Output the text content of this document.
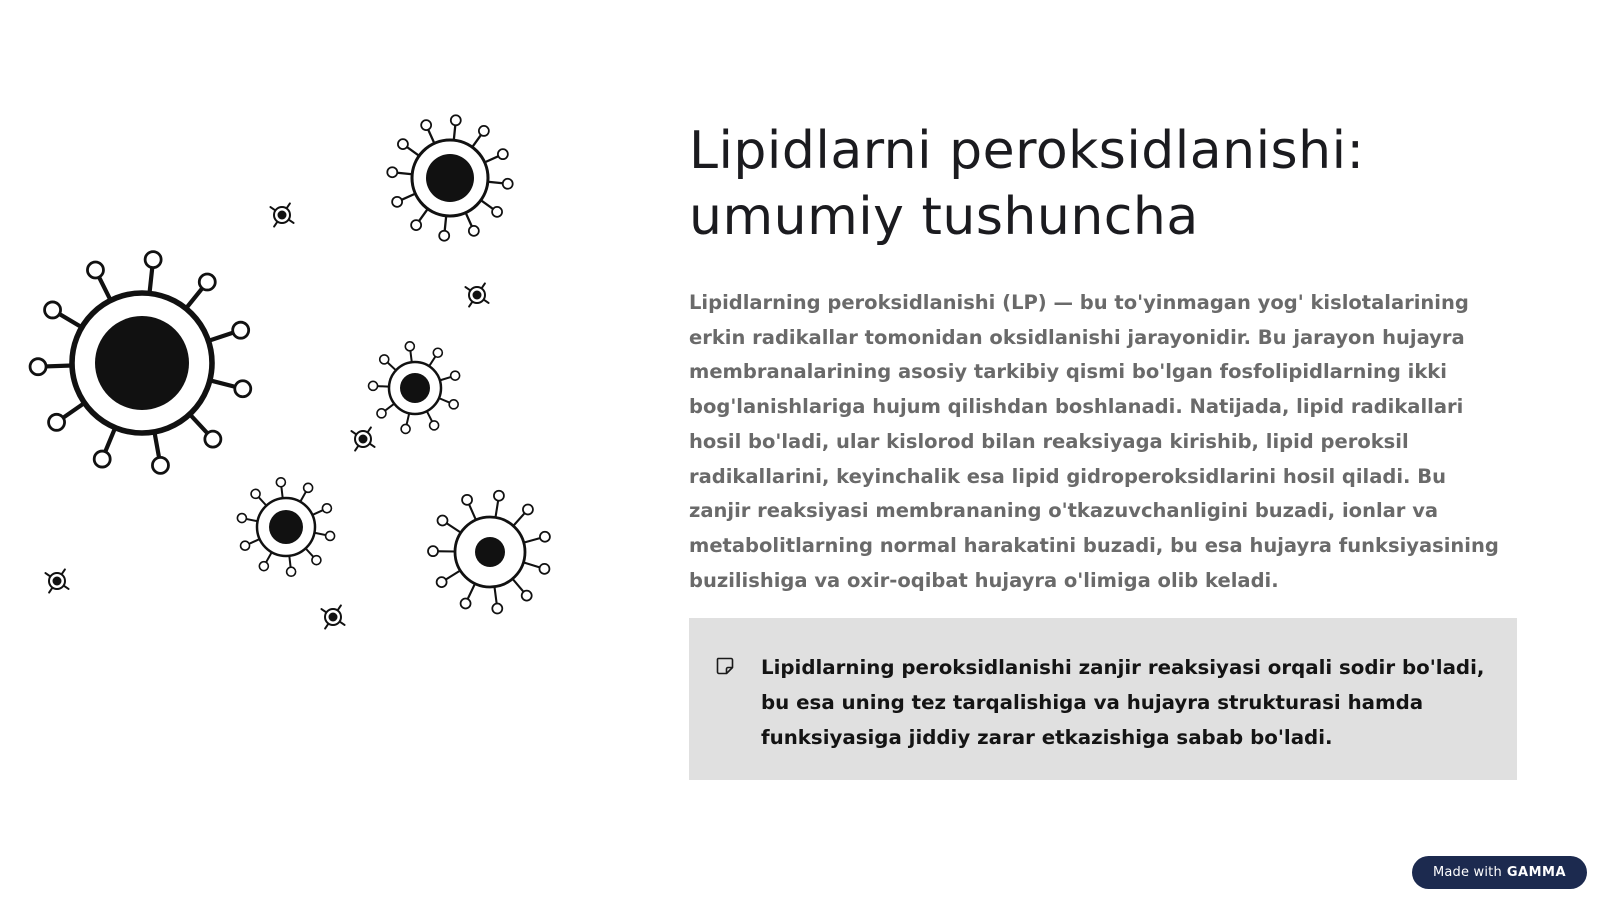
Lipidlarni peroksidlanishi:
umumiy tushuncha

Lipidlarning peroksidlanishi (LP) — bu to'yinmagan yog' kislotalarining erkin radikallar tomonidan oksidlanishi jarayonidir. Bu jarayon hujayra membranalarining asosiy tarkibiy qismi bo'lgan fosfolipidlarning ikki bog'lanishlariga hujum qilishdan boshlanadi. Natijada, lipid radikallari hosil bo'ladi, ular kislorod bilan reaksiyaga kirishib, lipid peroksil radikallarini, keyinchalik esa lipid gidroperoksidlarini hosil qiladi. Bu zanjir reaksiyasi membrananing o'tkazuvchanligini buzadi, ionlar va metabolitlarning normal harakatini buzadi, bu esa hujayra funksiyasining buzilishiga va oxir-oqibat hujayra o'limiga olib keladi.

Lipidlarning peroksidlanishi zanjir reaksiyasi orqali sodir bo'ladi, bu esa uning tez tarqalishiga va hujayra strukturasi hamda funksiyasiga jiddiy zarar etkazishiga sabab bo'ladi.
Made with GAMMA
